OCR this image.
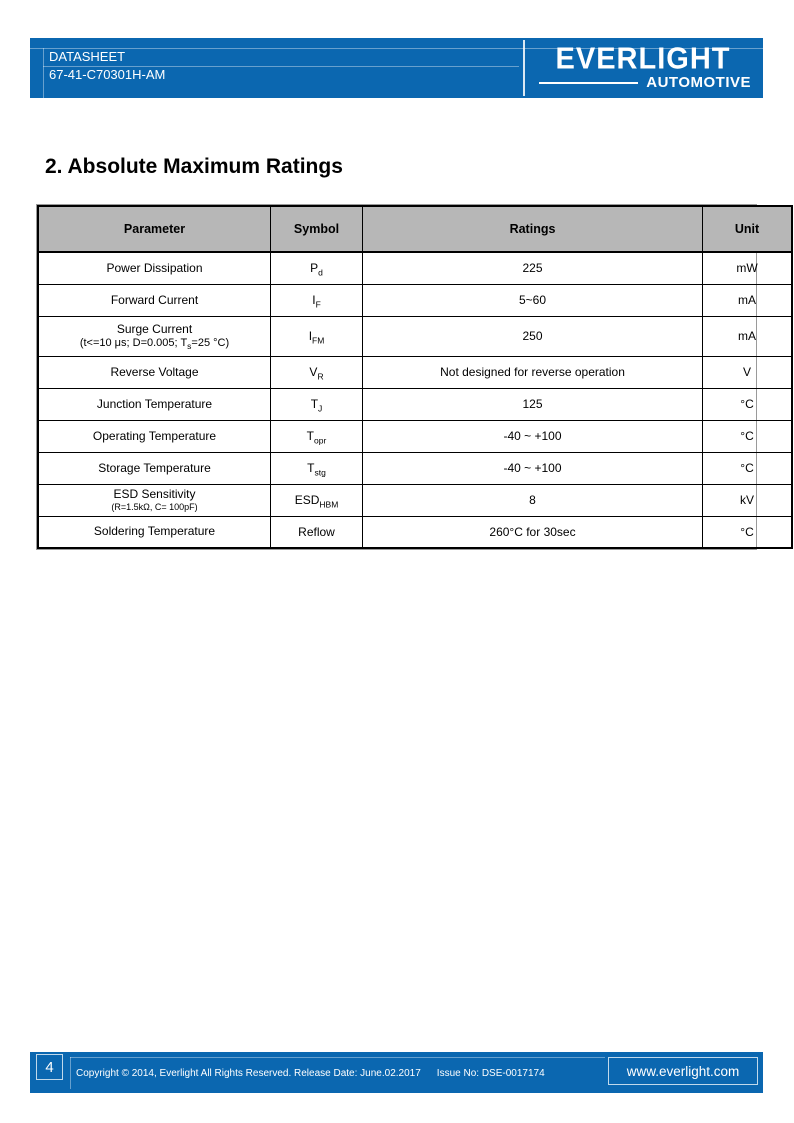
DATASHEET
67-41-C70301H-AM	EVERLIGHT
AUTOMOTIVE
2. Absolute Maximum Ratings
Parameter	Symbol	Ratings	Unit

Power Dissipation	$P_d$	225	mW

Forward Current	$I_F$	5~60	mA

Surge Current
(t<=10 μs; D=0.005; $T_s=25$ °C)	$I_{FM}$	250	mA

Reverse Voltage	$V_R$	Not designed for reverse operation	V

Junction Temperature	$T_J$	125	°C

Operating Temperature	$T_{opr}$	-40 ~ +100	°C

Storage Temperature	$T_{stg}$	-40 ~ +100	°C

ESD Sensitivity
(R=1.5kΩ, C= 100pF)	$ESD_{HBM}$	8	kV

Soldering Temperature	Reflow	260°C for 30sec	°C
4 Copyright © 2014, Everlight All Rights Reserved. Release Date: June.02.2017 Issue No: DSE-0017174	www.everlight.com
